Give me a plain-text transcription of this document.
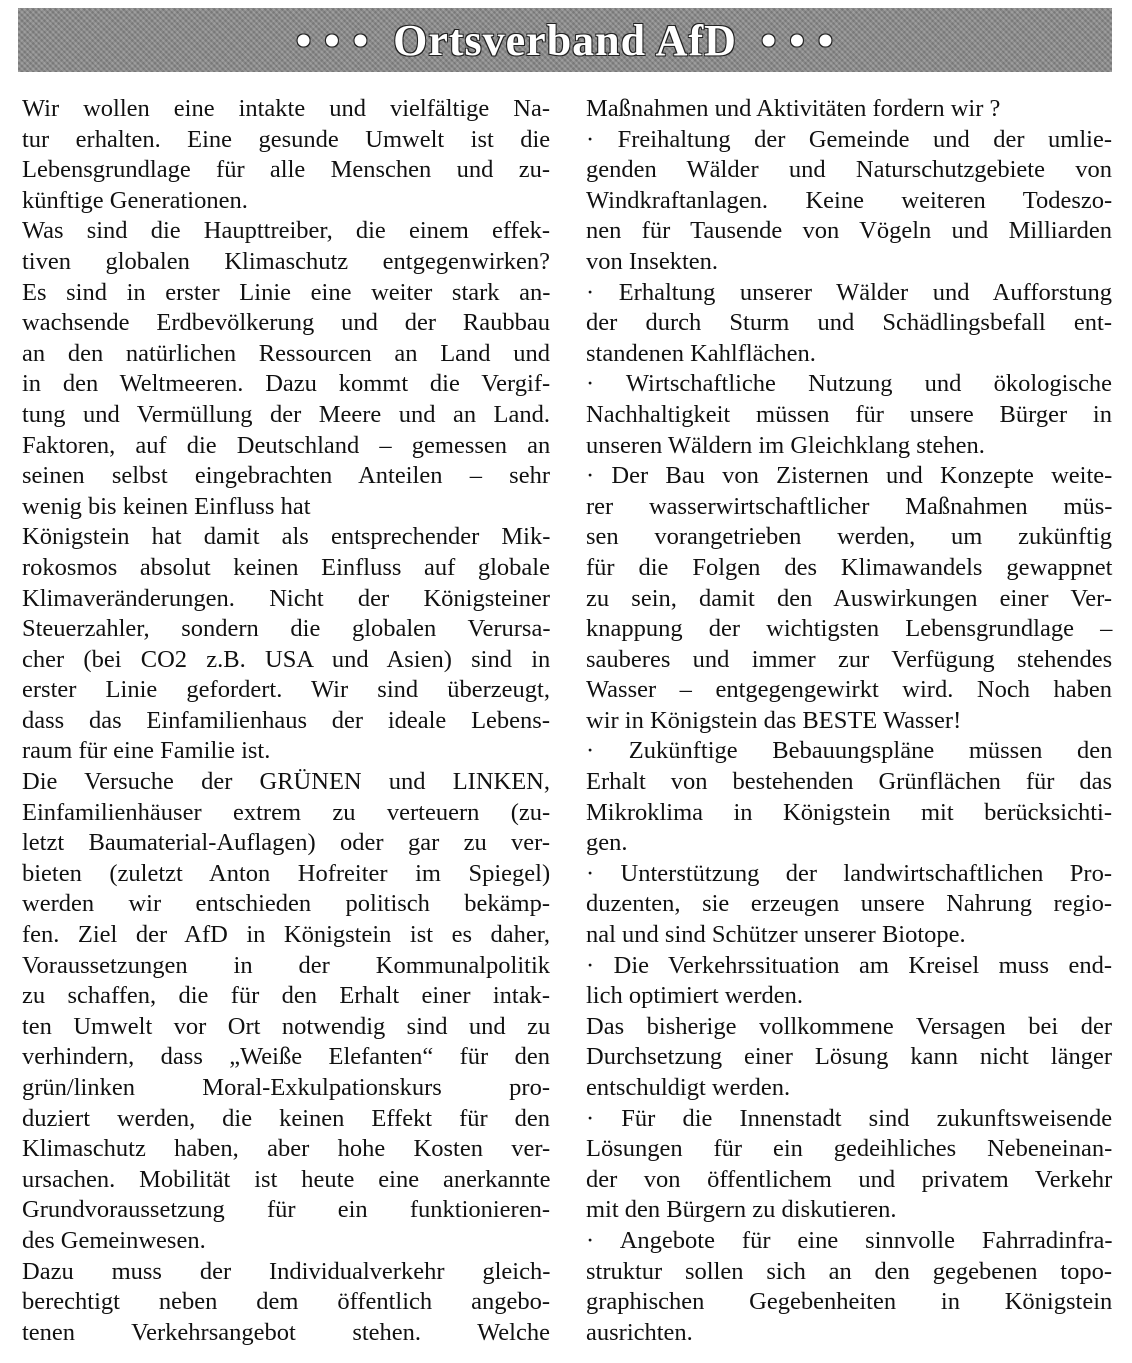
• • •  Ortsverband AfD  • • •
Wir wollen eine intakte und vielfältige Na-
tur erhalten. Eine gesunde Umwelt ist die
Lebensgrundlage für alle Menschen und zu-
künftige Generationen.
Was sind die Haupttreiber, die einem effek-
tiven globalen Klimaschutz entgegenwirken?
Es sind in erster Linie eine weiter stark an-
wachsende Erdbevölkerung und der Raubbau
an den natürlichen Ressourcen an Land und
in den Weltmeeren. Dazu kommt die Vergif-
tung und Vermüllung der Meere und an Land.
Faktoren, auf die Deutschland – gemessen an
seinen selbst eingebrachten Anteilen – sehr
wenig bis keinen Einfluss hat
Königstein hat damit als entsprechender Mik-
rokosmos absolut keinen Einfluss auf globale
Klimaveränderungen. Nicht der Königsteiner
Steuerzahler, sondern die globalen Verursa-
cher (bei CO2 z.B. USA und Asien) sind in
erster Linie gefordert. Wir sind überzeugt,
dass das Einfamilienhaus der ideale Lebens-
raum für eine Familie ist.
Die Versuche der GRÜNEN und LINKEN,
Einfamilienhäuser extrem zu verteuern (zu-
letzt Baumaterial-Auflagen) oder gar zu ver-
bieten (zuletzt Anton Hofreiter im Spiegel)
werden wir entschieden politisch bekämp-
fen. Ziel der AfD in Königstein ist es daher,
Voraussetzungen in der Kommunalpolitik
zu schaffen, die für den Erhalt einer intak-
ten Umwelt vor Ort notwendig sind und zu
verhindern, dass „Weiße Elefanten“ für den
grün/linken Moral-Exkulpationskurs pro-
duziert werden, die keinen Effekt für den
Klimaschutz haben, aber hohe Kosten ver-
ursachen. Mobilität ist heute eine anerkannte
Grundvoraussetzung für ein funktionieren-
des Gemeinwesen.
Dazu muss der Individualverkehr gleich-
berechtigt neben dem öffentlich angebo-
tenen Verkehrsangebot stehen. Welche
Maßnahmen und Aktivitäten fordern wir ?
· Freihaltung der Gemeinde und der umlie-
genden Wälder und Naturschutzgebiete von
Windkraftanlagen. Keine weiteren Todeszo-
nen für Tausende von Vögeln und Milliarden
von Insekten.
· Erhaltung unserer Wälder und Aufforstung
der durch Sturm und Schädlingsbefall ent-
standenen Kahlflächen.
· Wirtschaftliche Nutzung und ökologische
Nachhaltigkeit müssen für unsere Bürger in
unseren Wäldern im Gleichklang stehen.
· Der Bau von Zisternen und Konzepte weite-
rer wasserwirtschaftlicher Maßnahmen müs-
sen vorangetrieben werden, um zukünftig
für die Folgen des Klimawandels gewappnet
zu sein, damit den Auswirkungen einer Ver-
knappung der wichtigsten Lebensgrundlage –
sauberes und immer zur Verfügung stehendes
Wasser – entgegengewirkt wird. Noch haben
wir in Königstein das BESTE Wasser!
· Zukünftige Bebauungspläne müssen den
Erhalt von bestehenden Grünflächen für das
Mikroklima in Königstein mit berücksichti-
gen.
· Unterstützung der landwirtschaftlichen Pro-
duzenten, sie erzeugen unsere Nahrung regio-
nal und sind Schützer unserer Biotope.
· Die Verkehrssituation am Kreisel muss end-
lich optimiert werden.
Das bisherige vollkommene Versagen bei der
Durchsetzung einer Lösung kann nicht länger
entschuldigt werden.
· Für die Innenstadt sind zukunftsweisende
Lösungen für ein gedeihliches Nebeneinan-
der von öffentlichem und privatem Verkehr
mit den Bürgern zu diskutieren.
· Angebote für eine sinnvolle Fahrradinfra-
struktur sollen sich an den gegebenen topo-
graphischen Gegebenheiten in Königstein
ausrichten.
